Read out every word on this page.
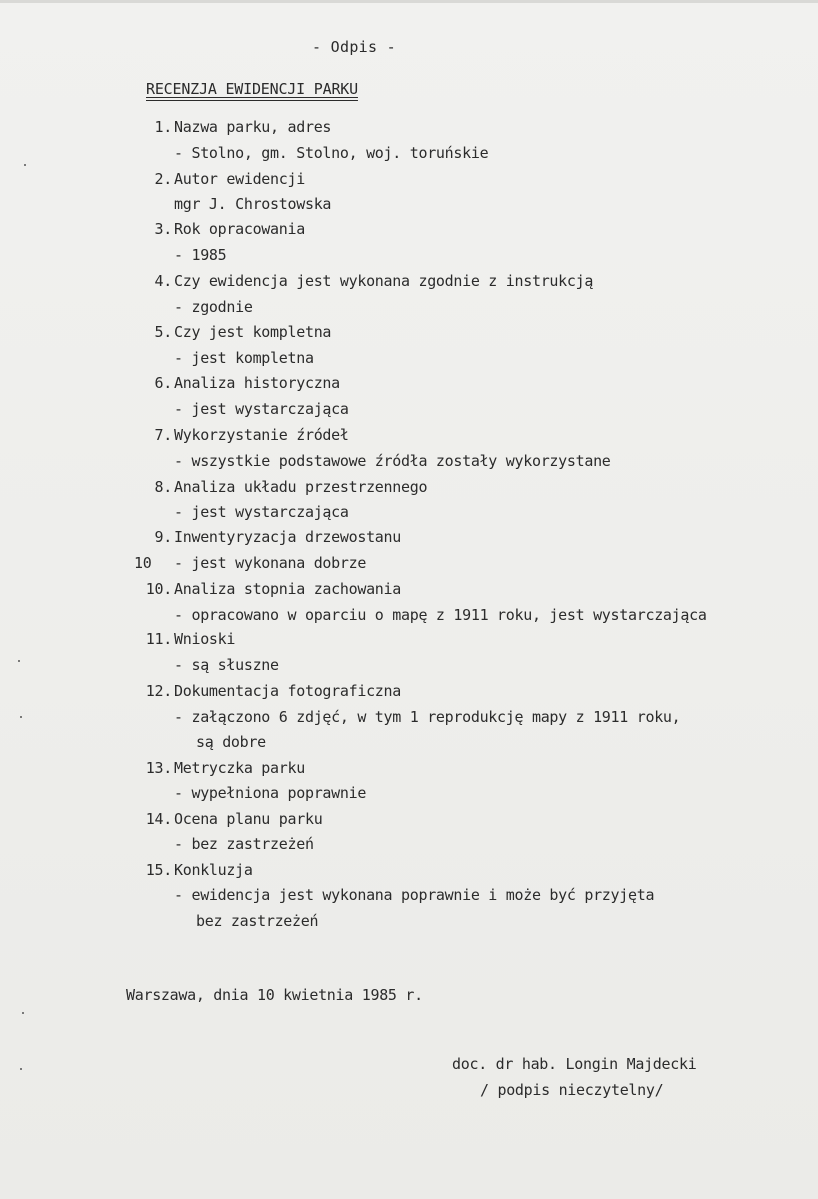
- Odpis -
RECENZJA EWIDENCJI PARKU
1. Nazwa parku, adres
- Stolno, gm. Stolno, woj. toruńskie
2. Autor ewidencji
mgr J. Chrostowska
3. Rok opracowania
- 1985
4. Czy ewidencja jest wykonana zgodnie z instrukcją
- zgodnie
5. Czy jest kompletna
- jest kompletna
6. Analiza historyczna
- jest wystarczająca
7. Wykorzystanie źródeł
- wszystkie podstawowe źródła zostały wykorzystane
8. Analiza układu przestrzennego
- jest wystarczająca
9. Inwentyryzacja drzewostanu
10	- jest wykonana dobrze
10. Analiza stopnia zachowania
- opracowano w oparciu o mapę z 1911 roku, jest wystarczająca
11. Wnioski
- są słuszne
12. Dokumentacja fotograficzna
- załączono 6 zdjęć, w tym 1 reprodukcję mapy z 1911 roku,
są dobre
13. Metryczka parku
- wypełniona poprawnie
14. Ocena planu parku
- bez zastrzeżeń
15. Konkluzja
- ewidencja jest wykonana poprawnie i może być przyjęta
bez zastrzeżeń
Warszawa, dnia 10 kwietnia 1985 r.
doc. dr hab. Longin Majdecki
/ podpis nieczytelny/
